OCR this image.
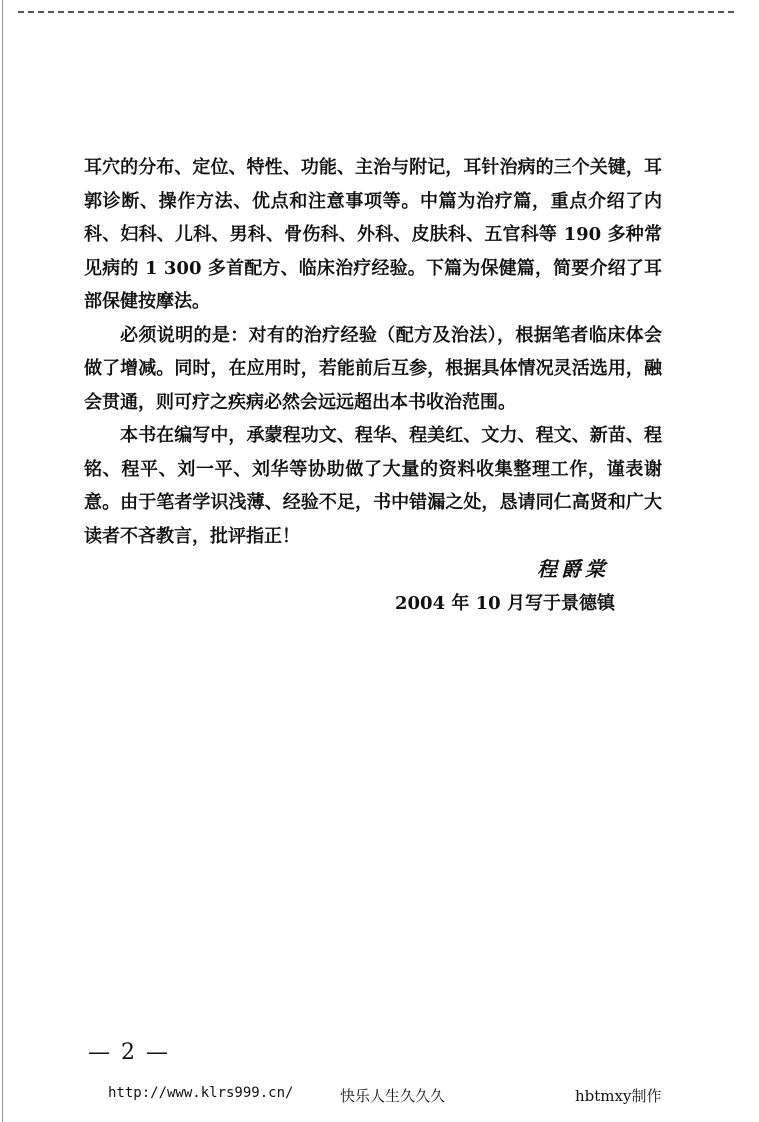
耳穴的分布、定位、特性、功能、主治与附记，耳针治病的三个关键，耳郭诊断、操作方法、优点和注意事项等。中篇为治疗篇，重点介绍了内科、妇科、儿科、男科、骨伤科、外科、皮肤科、五官科等 190 多种常见病的 1 300 多首配方、临床治疗经验。下篇为保健篇，简要介绍了耳部保健按摩法。

必须说明的是：对有的治疗经验（配方及治法），根据笔者临床体会做了增减。同时，在应用时，若能前后互参，根据具体情况灵活选用，融会贯通，则可疗之疾病必然会远远超出本书收治范围。

本书在编写中，承蒙程功文、程华、程美红、文力、程文、新苗、程铭、程平、刘一平、刘华等协助做了大量的资料收集整理工作，谨表谢意。由于笔者学识浅薄、经验不足，书中错漏之处，恳请同仁高贤和广大读者不吝教言，批评指正！

程爵棠
2004 年 10 月写于景德镇
— 2 —
http://www.klrs999.cn/	快乐人生久久久	hbtmxy制作
